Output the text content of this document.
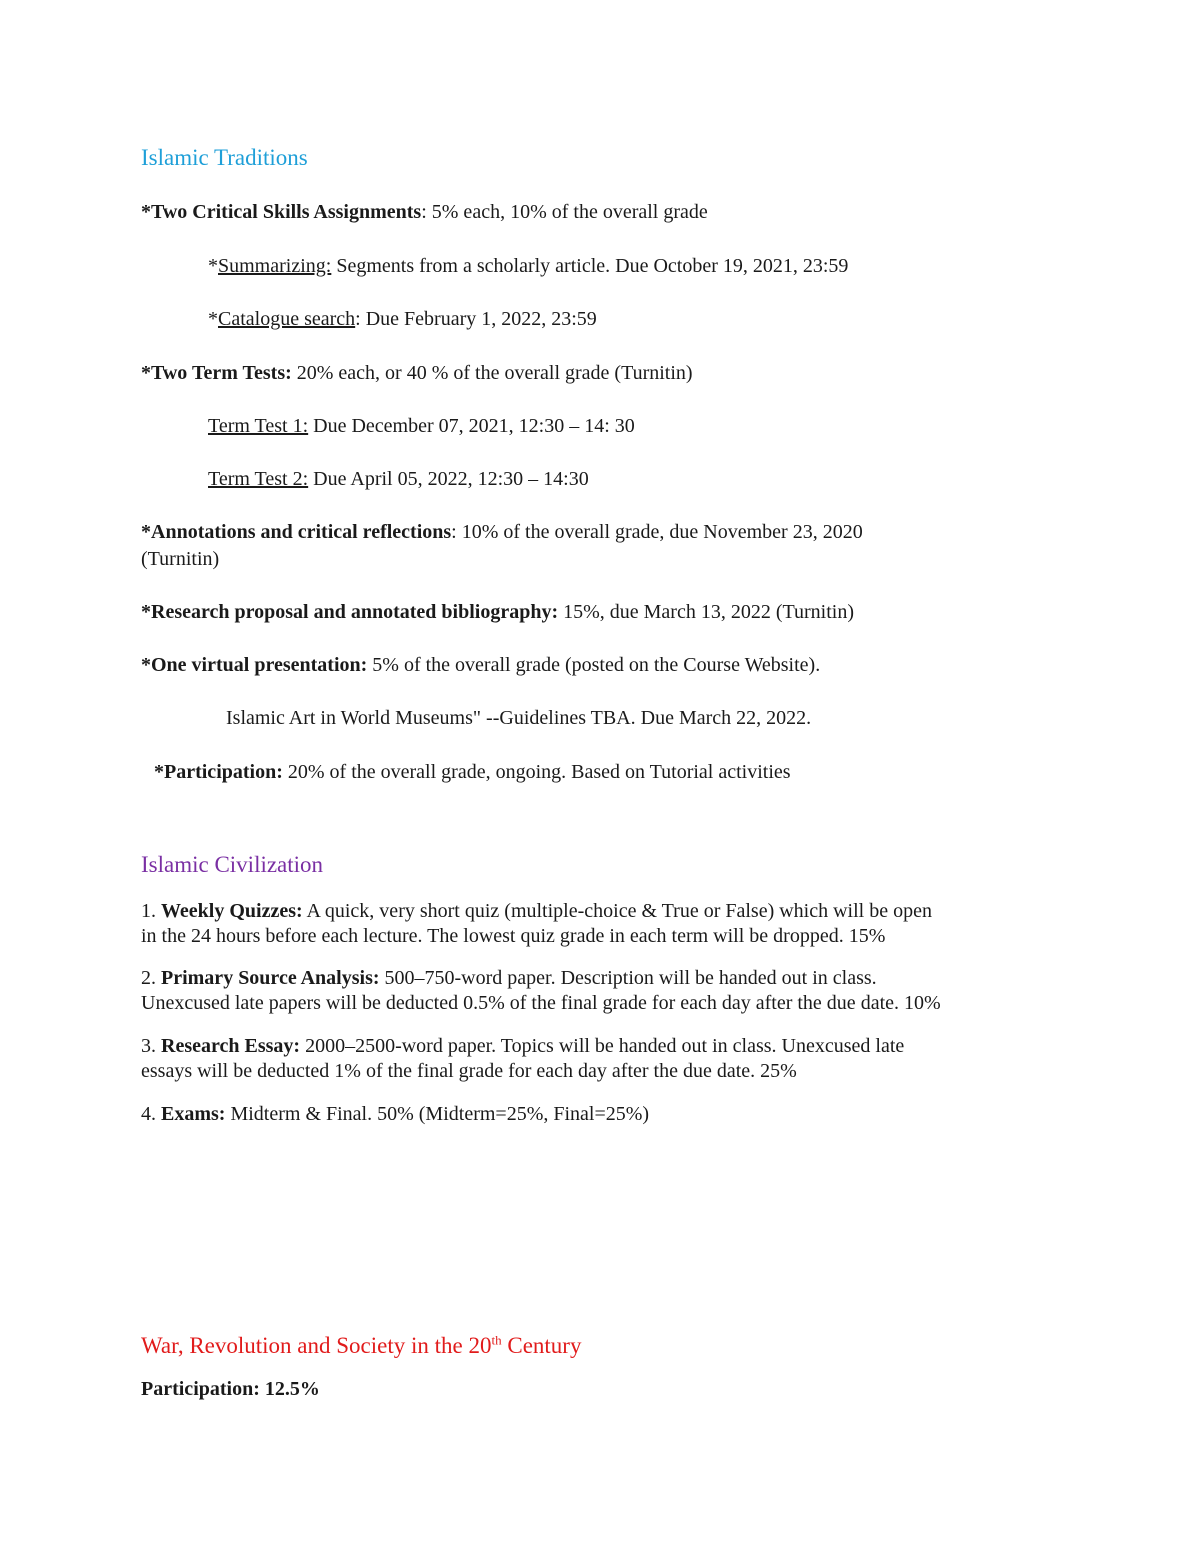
Islamic Traditions
*Two Critical Skills Assignments: 5% each, 10% of the overall grade
*Summarizing: Segments from a scholarly article. Due October 19, 2021, 23:59
*Catalogue search: Due February 1, 2022, 23:59
*Two Term Tests: 20% each, or 40 % of the overall grade (Turnitin)
Term Test 1: Due December 07, 2021, 12:30 – 14: 30
Term Test 2: Due April 05, 2022, 12:30 – 14:30
*Annotations and critical reflections: 10% of the overall grade, due November 23, 2020
(Turnitin)
*Research proposal and annotated bibliography: 15%, due March 13, 2022 (Turnitin)
*One virtual presentation: 5% of the overall grade (posted on the Course Website).
Islamic Art in World Museums" --Guidelines TBA. Due March 22, 2022.
*Participation: 20% of the overall grade, ongoing. Based on Tutorial activities
Islamic Civilization
1. Weekly Quizzes: A quick, very short quiz (multiple-choice & True or False) which will be open
in the 24 hours before each lecture. The lowest quiz grade in each term will be dropped. 15%
2. Primary Source Analysis: 500–750-word paper. Description will be handed out in class.
Unexcused late papers will be deducted 0.5% of the final grade for each day after the due date. 10%
3. Research Essay: 2000–2500-word paper. Topics will be handed out in class. Unexcused late
essays will be deducted 1% of the final grade for each day after the due date. 25%
4. Exams: Midterm & Final. 50% (Midterm=25%, Final=25%)
War, Revolution and Society in the 20th Century
Participation: 12.5%
